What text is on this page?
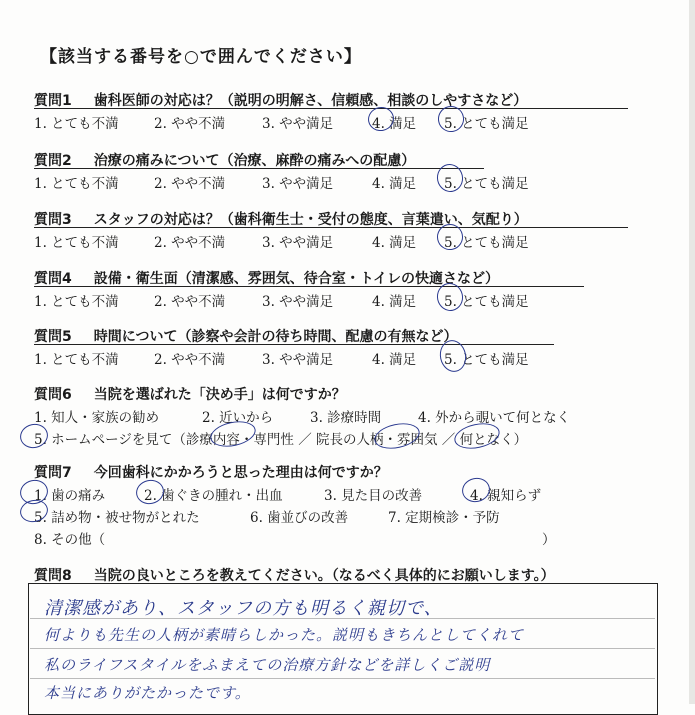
【該当する番号を○で囲んでください】
質問1 歯科医師の対応は？（説明の明解さ、信頼感、相談のしやすさなど）
1. とても不満	2. やや不満	3. やや満足	4. 満足 5. とても満足
質問2 治療の痛みについて（治療、麻酔の痛みへの配慮）
1. とても不満	2. やや不満	3. やや満足	4. 満足 5. とても満足
質問3 スタッフの対応は？（歯科衛生士・受付の態度、言葉遣い、気配り）
1. とても不満	2. やや不満	3. やや満足	4. 満足 5. とても満足
質問4 設備・衛生面（清潔感、雰囲気、待合室・トイレの快適さなど）
1. とても不満	2. やや不満	3. やや満足	4. 満足 5. とても満足
質問5 時間について（診察や会計の待ち時間、配慮の有無など）
1. とても不満	2. やや不満	3. やや満足	4. 満足 5. とても満足
質問6 当院を選ばれた「決め手」は何ですか？
1. 知人・家族の勧め	2. 近いから	3. 診療時間	4. 外から覗いて何となく
5. ホームページを見て（診療内容・専門性 ／ 院長の人柄・雰囲気 ／ 何となく）
質問7 今回歯科にかかろうと思った理由は何ですか？
1. 歯の痛み	2. 歯ぐきの腫れ・出血	3. 見た目の改善	4. 親知らず
5. 詰め物・被せ物がとれた	6. 歯並びの改善	7. 定期検診・予防
8. その他（	）
質問8 当院の良いところを教えてください。（なるべく具体的にお願いします。）
清潔感があり、スタッフの方も明るく親切で、
何よりも先生の人柄が素晴らしかった。説明もきちんとしてくれて
私のライフスタイルをふまえての治療方針などを詳しくご説明
本当にありがたかったです。
